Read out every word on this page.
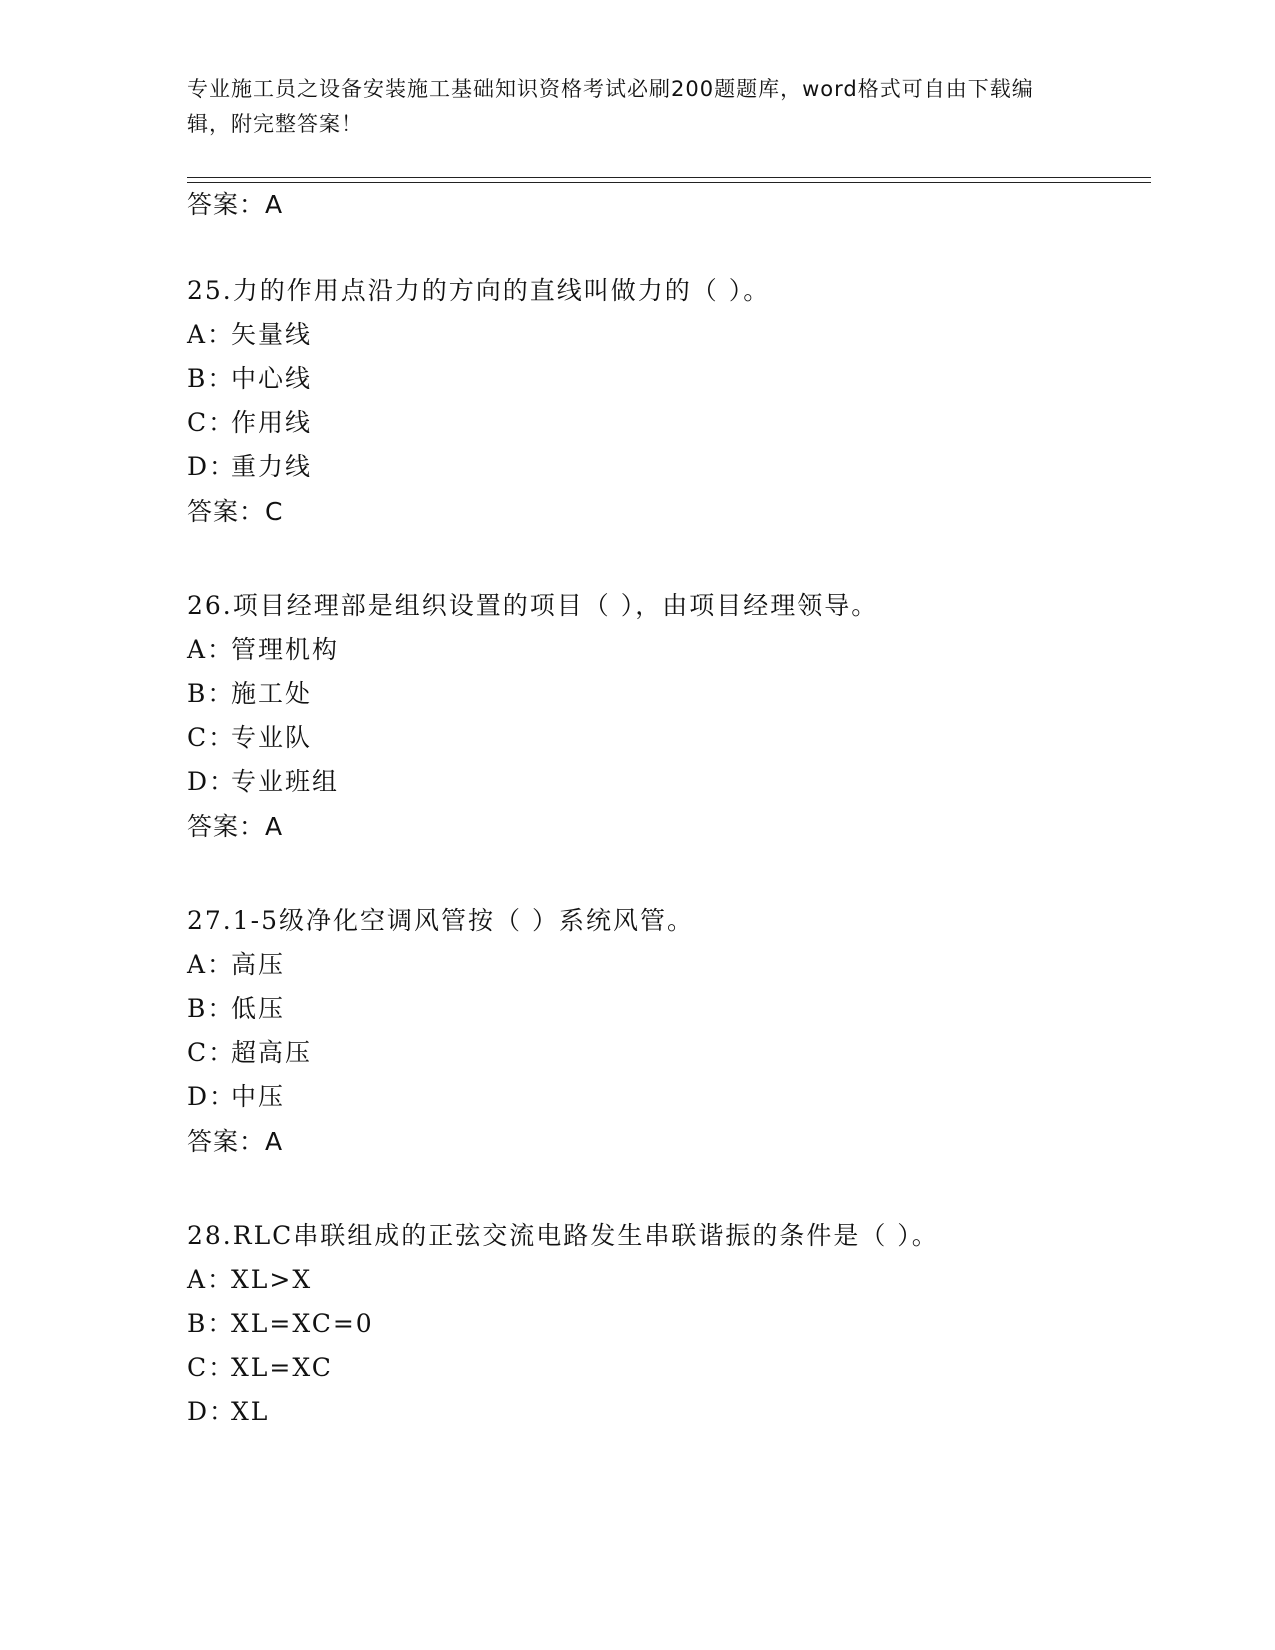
专业施工员之设备安装施工基础知识资格考试必刷200题题库，word格式可自由下载编辑，附完整答案！
答案：A
25.力的作用点沿力的方向的直线叫做力的（ ）。
A：矢量线
B：中心线
C：作用线
D：重力线
答案：C
26.项目经理部是组织设置的项目（ ），由项目经理领导。
A：管理机构
B：施工处
C：专业队
D：专业班组
答案：A
27.1-5级净化空调风管按（ ）系统风管。
A：高压
B：低压
C：超高压
D：中压
答案：A
28.RLC串联组成的正弦交流电路发生串联谐振的条件是（ ）。
A：XL>X
B：XL=XC=0
C：XL=XC
D：XL
